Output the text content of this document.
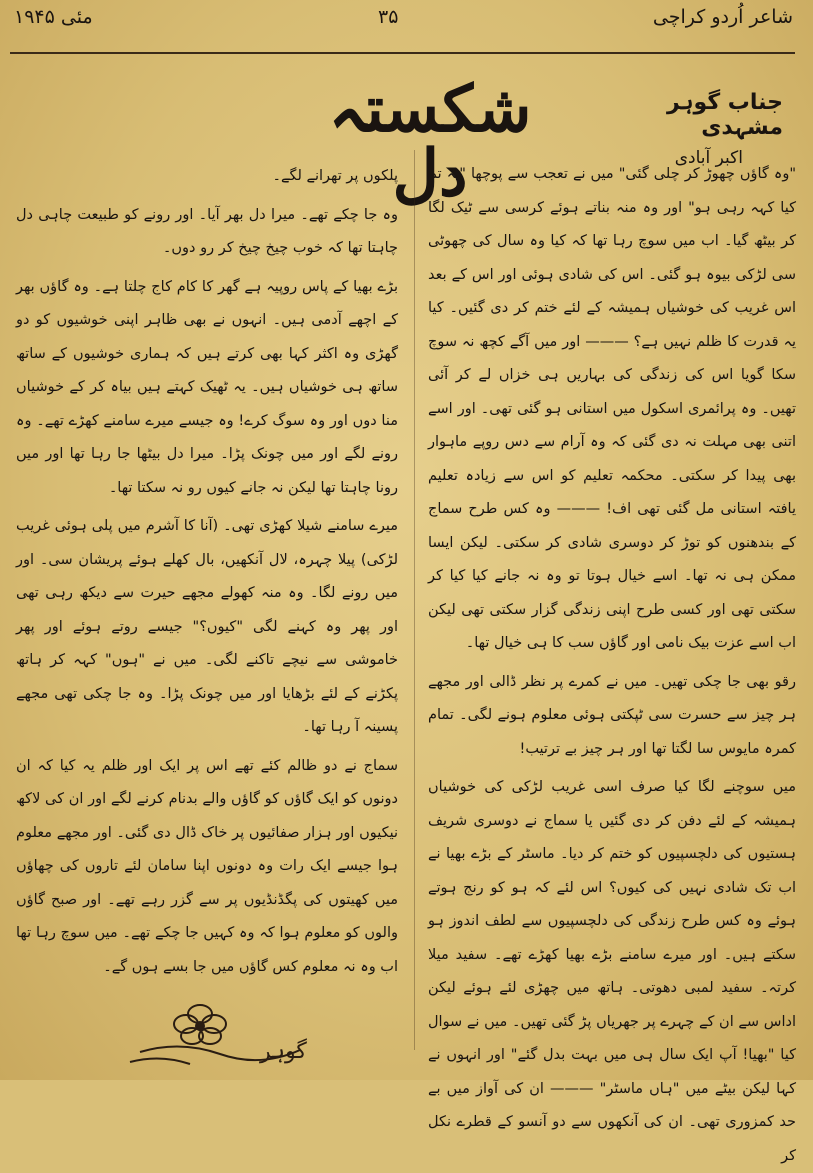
مئی ۱۹۴۵	۳۵	شاعر اُردو کراچی
شکستہ دل
جناب گوہر مشہدی
اکبر آبادی

"وہ گاؤں چھوڑ کر چلی گئی" میں نے تعجب سے پوچھا "یہ تم کیا کہہ رہی ہو" اور وہ منہ بناتے ہوئے کرسی سے ٹیک لگا کر بیٹھ گیا۔ اب میں سوچ رہا تھا کہ کیا وہ سال کی چھوٹی سی لڑکی بیوہ ہو گئی۔ اس کی شادی ہوئی اور اس کے بعد اس غریب کی خوشیاں ہمیشہ کے لئے ختم کر دی گئیں۔ کیا یہ قدرت کا ظلم نہیں ہے؟ ——— اور میں آگے کچھ نہ سوچ سکا گویا اس کی زندگی کی بہاریں ہی خزاں لے کر آئی تھیں۔ وہ پرائمری اسکول میں استانی ہو گئی تھی۔ اور اسے اتنی بھی مہلت نہ دی گئی کہ وہ آرام سے دس روپے ماہوار بھی پیدا کر سکتی۔ محکمہ تعلیم کو اس سے زیادہ تعلیم یافتہ استانی مل گئی تھی اف! ——— وہ کس طرح سماج کے بندھنوں کو توڑ کر دوسری شادی کر سکتی۔ لیکن ایسا ممکن ہی نہ تھا۔ اسے خیال ہوتا تو وہ نہ جانے کیا کیا کر سکتی تھی اور کسی طرح اپنی زندگی گزار سکتی تھی لیکن اب اسے عزت بیک نامی اور گاؤں سب کا ہی خیال تھا۔

رقو بھی جا چکی تھیں۔ میں نے کمرے پر نظر ڈالی اور مجھے ہر چیز سے حسرت سی ٹپکتی ہوئی معلوم ہونے لگی۔ تمام کمرہ مایوس سا لگتا تھا اور ہر چیز بے ترتیب!

میں سوچنے لگا کیا صرف اسی غریب لڑکی کی خوشیاں ہمیشہ کے لئے دفن کر دی گئیں یا سماج نے دوسری شریف ہستیوں کی دلچسپیوں کو ختم کر دیا۔ ماسٹر کے بڑے بھیا نے اب تک شادی نہیں کی کیوں؟ اس لئے کہ ہو کو رنج ہوتے ہوئے وہ کس طرح زندگی کی دلچسپیوں سے لطف اندوز ہو سکتے ہیں۔ اور میرے سامنے بڑے بھیا کھڑے تھے۔ سفید میلا کرتہ۔ سفید لمبی دھوتی۔ ہاتھ میں چھڑی لئے ہوئے لیکن اداس سے ان کے چہرے پر جھریاں پڑ گئی تھیں۔ میں نے سوال کیا "بھیا! آپ ایک سال ہی میں بہت بدل گئے" اور انہوں نے کہا لیکن بیٹے میں "ہاں ماسٹر" ——— ان کی آواز میں بے حد کمزوری تھی۔ ان کی آنکھوں سے دو آنسو کے قطرے نکل کر

پلکوں پر تھرانے لگے۔

وہ جا چکے تھے۔ میرا دل بھر آیا۔ اور رونے کو طبیعت چاہی دل چاہتا تھا کہ خوب چیخ چیخ کر رو دوں۔

بڑے بھیا کے پاس روپیہ ہے گھر کا کام کاج چلتا ہے۔ وہ گاؤں بھر کے اچھے آدمی ہیں۔ انہوں نے بھی ظاہر اپنی خوشیوں کو دو گھڑی وہ اکثر کہا بھی کرتے ہیں کہ ہماری خوشیوں کے ساتھ ساتھ ہی خوشیاں ہیں۔ یہ ٹھیک کہتے ہیں بیاہ کر کے خوشیاں منا دوں اور وہ سوگ کرے! وہ جیسے میرے سامنے کھڑے تھے۔ وہ رونے لگے اور میں چونک پڑا۔ میرا دل بیٹھا جا رہا تھا اور میں رونا چاہتا تھا لیکن نہ جانے کیوں رو نہ سکتا تھا۔

میرے سامنے شیلا کھڑی تھی۔ (آنا کا آشرم میں پلی ہوئی غریب لڑکی) پیلا چہرہ، لال آنکھیں، بال کھلے ہوئے پریشان سی۔ اور میں رونے لگا۔ وہ منہ کھولے مجھے حیرت سے دیکھ رہی تھی اور پھر وہ کہنے لگی "کیوں؟" جیسے روتے ہوئے اور پھر خاموشی سے نیچے تاکنے لگی۔ میں نے "ہوں" کہہ کر ہاتھ پکڑنے کے لئے بڑھایا اور میں چونک پڑا۔ وہ جا چکی تھی مجھے پسینہ آ رہا تھا۔

سماج نے دو ظالم کئے تھے اس پر ایک اور ظلم یہ کیا کہ ان دونوں کو ایک گاؤں کو گاؤں والے بدنام کرنے لگے اور ان کی لاکھ نیکیوں اور ہزار صفائیوں پر خاک ڈال دی گئی۔ اور مجھے معلوم ہوا جیسے ایک رات وہ دونوں اپنا سامان لئے تاروں کی چھاؤں میں کھیتوں کی پگڈنڈیوں پر سے گزر رہے تھے۔ اور صبح گاؤں والوں کو معلوم ہوا کہ وہ کہیں جا چکے تھے۔ میں سوچ رہا تھا اب وہ نہ معلوم کس گاؤں میں جا بسے ہوں گے۔

گوہر
